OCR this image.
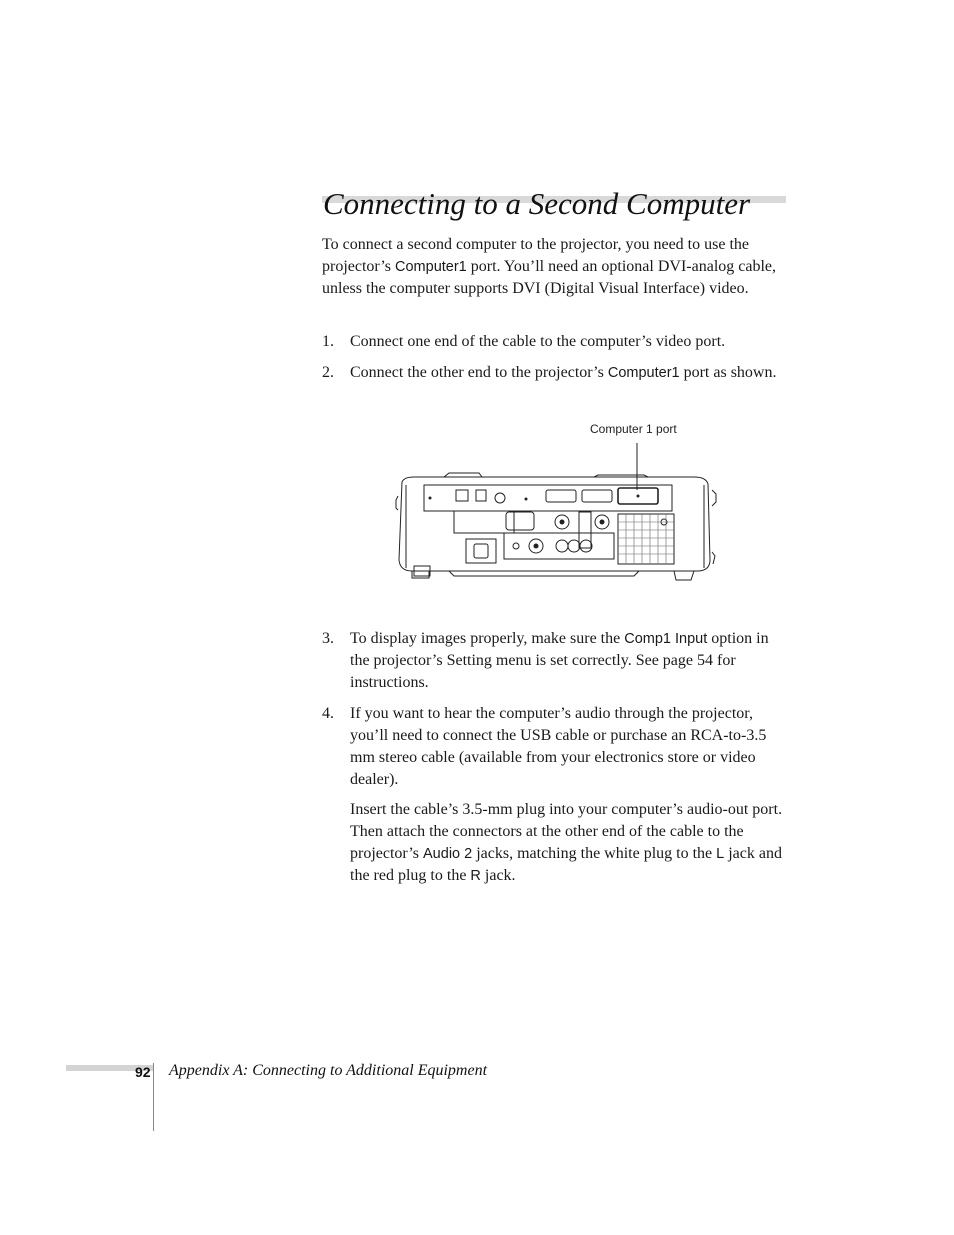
Connecting to a Second Computer

To connect a second computer to the projector, you need to use the projector’s Computer1 port. You’ll need an optional DVI-analog cable, unless the computer supports DVI (Digital Visual Interface) video.

1. Connect one end of the cable to the computer’s video port.
2. Connect the other end to the projector’s Computer1 port as shown.
Computer 1 port
3. To display images properly, make sure the Comp1 Input option in the projector’s Setting menu is set correctly. See page 54 for instructions.
4. If you want to hear the computer’s audio through the projector, you’ll need to connect the USB cable or purchase an RCA-to-3.5 mm stereo cable (available from your electronics store or video dealer).

Insert the cable’s 3.5-mm plug into your computer’s audio-out port. Then attach the connectors at the other end of the cable to the projector’s Audio 2 jacks, matching the white plug to the L jack and the red plug to the R jack.

92 Appendix A: Connecting to Additional Equipment
